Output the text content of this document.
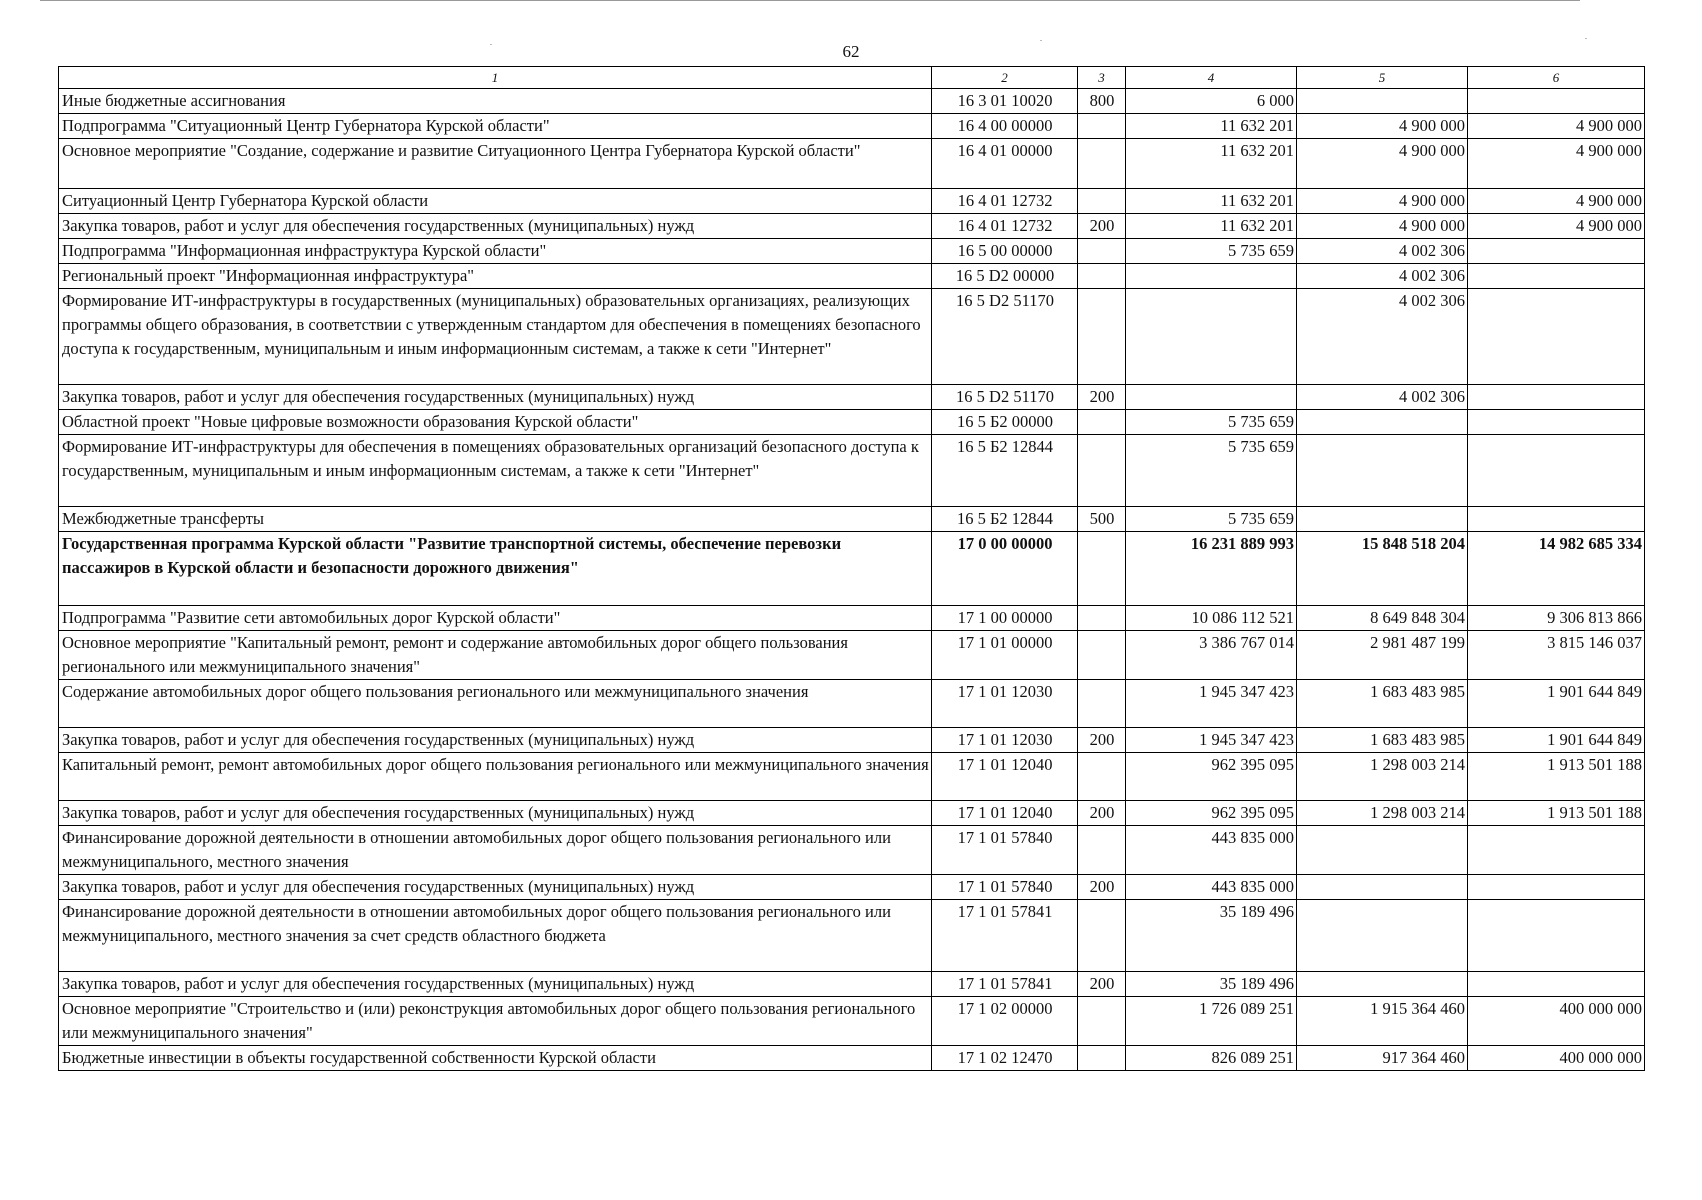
62
1	2	3	4	5	6
Иные бюджетные ассигнования	16 3 01 10020	800	6 000		
Подпрограмма "Ситуационный Центр Губернатора Курской области"	16 4 00 00000		11 632 201	4 900 000	4 900 000
Основное мероприятие "Создание, содержание и развитие Ситуационного Центра Губернатора Курской области"	16 4 01 00000		11 632 201	4 900 000	4 900 000
Ситуационный Центр Губернатора Курской области	16 4 01 12732		11 632 201	4 900 000	4 900 000
Закупка товаров, работ и услуг для обеспечения государственных (муниципальных) нужд	16 4 01 12732	200	11 632 201	4 900 000	4 900 000
Подпрограмма "Информационная инфраструктура Курской области"	16 5 00 00000		5 735 659	4 002 306	
Региональный проект "Информационная инфраструктура"	16 5 D2 00000			4 002 306	
Формирование ИТ-инфраструктуры в государственных (муниципальных) образовательных организациях, реализующих программы общего образования, в соответствии с утвержденным стандартом для обеспечения в помещениях безопасного доступа к государственным, муниципальным и иным информационным системам, а также к сети "Интернет"	16 5 D2 51170			4 002 306	
Закупка товаров, работ и услуг для обеспечения государственных (муниципальных) нужд	16 5 D2 51170	200		4 002 306	
Областной проект "Новые цифровые возможности образования Курской области"	16 5 Б2 00000		5 735 659		
Формирование ИТ-инфраструктуры для обеспечения в помещениях образовательных организаций безопасного доступа к государственным, муниципальным и иным информационным системам, а также к сети "Интернет"	16 5 Б2 12844		5 735 659		
Межбюджетные трансферты	16 5 Б2 12844	500	5 735 659		
Государственная программа Курской области "Развитие транспортной системы, обеспечение перевозки пассажиров в Курской области и безопасности дорожного движения"	17 0 00 00000		16 231 889 993	15 848 518 204	14 982 685 334
Подпрограмма "Развитие сети автомобильных дорог Курской области"	17 1 00 00000		10 086 112 521	8 649 848 304	9 306 813 866
Основное мероприятие "Капитальный ремонт, ремонт и содержание автомобильных дорог общего пользования регионального или межмуниципального значения"	17 1 01 00000		3 386 767 014	2 981 487 199	3 815 146 037
Содержание автомобильных дорог общего пользования регионального или межмуниципального значения	17 1 01 12030		1 945 347 423	1 683 483 985	1 901 644 849
Закупка товаров, работ и услуг для обеспечения государственных (муниципальных) нужд	17 1 01 12030	200	1 945 347 423	1 683 483 985	1 901 644 849
Капитальный ремонт, ремонт автомобильных дорог общего пользования регионального или межмуниципального значения	17 1 01 12040		962 395 095	1 298 003 214	1 913 501 188
Закупка товаров, работ и услуг для обеспечения государственных (муниципальных) нужд	17 1 01 12040	200	962 395 095	1 298 003 214	1 913 501 188
Финансирование дорожной деятельности в отношении автомобильных дорог общего пользования регионального или межмуниципального, местного значения	17 1 01 57840		443 835 000		
Закупка товаров, работ и услуг для обеспечения государственных (муниципальных) нужд	17 1 01 57840	200	443 835 000		
Финансирование дорожной деятельности в отношении автомобильных дорог общего пользования регионального или межмуниципального, местного значения за счет средств областного бюджета	17 1 01 57841		35 189 496		
Закупка товаров, работ и услуг для обеспечения государственных (муниципальных) нужд	17 1 01 57841	200	35 189 496		
Основное мероприятие "Строительство и (или) реконструкция автомобильных дорог общего пользования регионального или межмуниципального значения"	17 1 02 00000		1 726 089 251	1 915 364 460	400 000 000
Бюджетные инвестиции в объекты государственной собственности Курской области	17 1 02 12470		826 089 251	917 364 460	400 000 000
